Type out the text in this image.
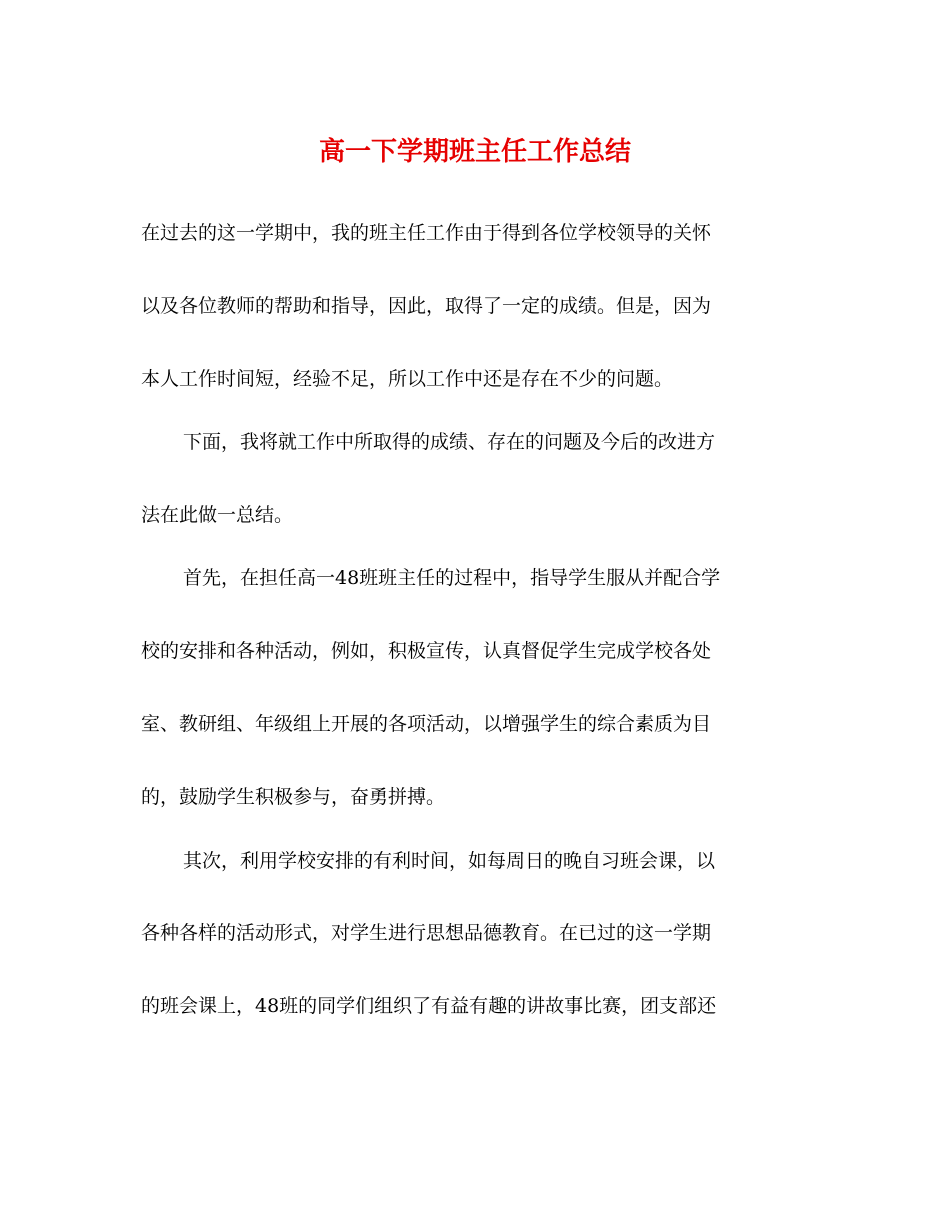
高一下学期班主任工作总结

在过去的这一学期中，我的班主任工作由于得到各位学校领导的关怀

以及各位教师的帮助和指导，因此，取得了一定的成绩。但是，因为

本人工作时间短，经验不足，所以工作中还是存在不少的问题。

下面，我将就工作中所取得的成绩、存在的问题及今后的改进方

法在此做一总结。

首先，在担任高一48班班主任的过程中，指导学生服从并配合学

校的安排和各种活动，例如，积极宣传，认真督促学生完成学校各处

室、教研组、年级组上开展的各项活动，以增强学生的综合素质为目

的，鼓励学生积极参与，奋勇拼搏。

其次，利用学校安排的有利时间，如每周日的晚自习班会课，以

各种各样的活动形式，对学生进行思想品德教育。在已过的这一学期

的班会课上，48班的同学们组织了有益有趣的讲故事比赛，团支部还
